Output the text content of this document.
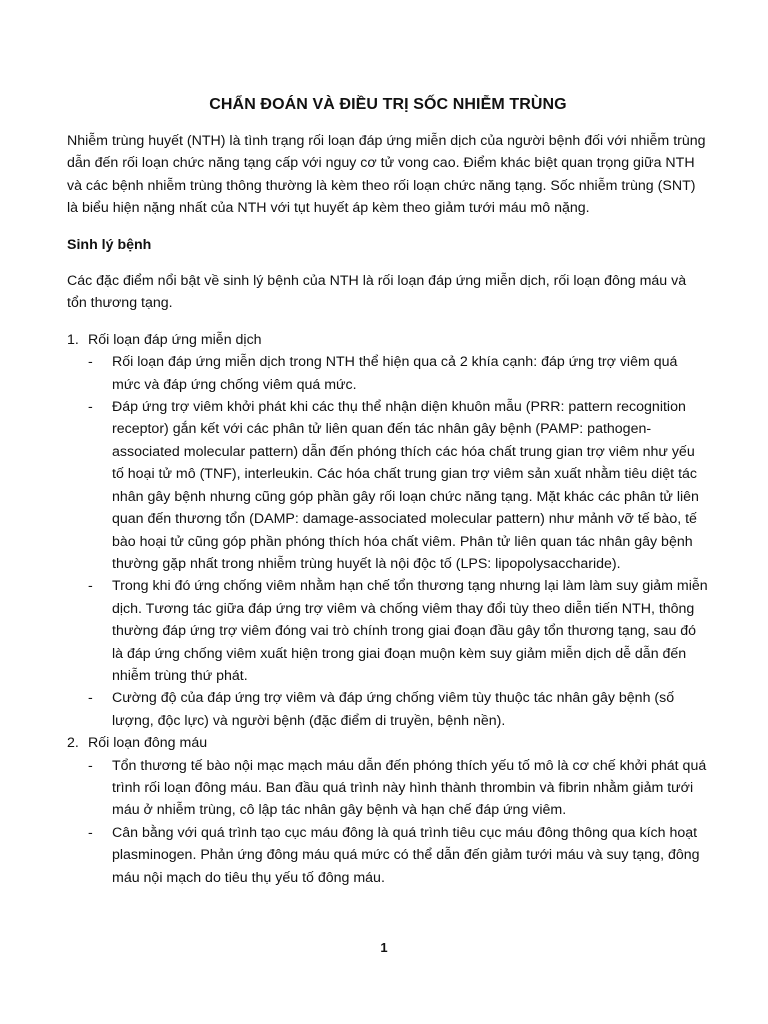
CHẨN ĐOÁN VÀ ĐIỀU TRỊ SỐC NHIỄM TRÙNG
Nhiễm trùng huyết (NTH) là tình trạng rối loạn đáp ứng miễn dịch của người bệnh đối với nhiễm trùng dẫn đến rối loạn chức năng tạng cấp với nguy cơ tử vong cao. Điểm khác biệt quan trọng giữa NTH và các bệnh nhiễm trùng thông thường là kèm theo rối loạn chức năng tạng. Sốc nhiễm trùng (SNT) là biểu hiện nặng nhất của NTH với tụt huyết áp kèm theo giảm tưới máu mô nặng.
Sinh lý bệnh
Các đặc điểm nổi bật về sinh lý bệnh của NTH là rối loạn đáp ứng miễn dịch, rối loạn đông máu và tổn thương tạng.
1. Rối loạn đáp ứng miễn dịch
-	Rối loạn đáp ứng miễn dịch trong NTH thể hiện qua cả 2 khía cạnh: đáp ứng trợ viêm quá mức và đáp ứng chống viêm quá mức.
-	Đáp ứng trợ viêm khởi phát khi các thụ thể nhận diện khuôn mẫu (PRR: pattern recognition receptor) gắn kết với các phân tử liên quan đến tác nhân gây bệnh (PAMP: pathogen-associated molecular pattern) dẫn đến phóng thích các hóa chất trung gian trợ viêm như yếu tố hoại tử mô (TNF), interleukin. Các hóa chất trung gian trợ viêm sản xuất nhằm tiêu diệt tác nhân gây bệnh nhưng cũng góp phần gây rối loạn chức năng tạng. Mặt khác các phân tử liên quan đến thương tổn (DAMP: damage-associated molecular pattern) như mảnh vỡ tế bào, tế bào hoại tử cũng góp phần phóng thích hóa chất viêm. Phân tử liên quan tác nhân gây bệnh thường gặp nhất trong nhiễm trùng huyết là nội độc tố (LPS: lipopolysaccharide).
-	Trong khi đó ứng chống viêm nhằm hạn chế tổn thương tạng nhưng lại làm làm suy giảm miễn dịch. Tương tác giữa đáp ứng trợ viêm và chống viêm thay đổi tùy theo diễn tiến NTH, thông thường đáp ứng trợ viêm đóng vai trò chính trong giai đoạn đầu gây tổn thương tạng, sau đó là đáp ứng chống viêm xuất hiện trong giai đoạn muộn kèm suy giảm miễn dịch dễ dẫn đến nhiễm trùng thứ phát.
-	Cường độ của đáp ứng trợ viêm và đáp ứng chống viêm tùy thuộc tác nhân gây bệnh (số lượng, độc lực) và người bệnh (đặc điểm di truyền, bệnh nền).
2. Rối loạn đông máu
-	Tổn thương tế bào nội mạc mạch máu dẫn đến phóng thích yếu tố mô là cơ chế khởi phát quá trình rối loạn đông máu. Ban đầu quá trình này hình thành thrombin và fibrin nhằm giảm tưới máu ở nhiễm trùng, cô lập tác nhân gây bệnh và hạn chế đáp ứng viêm.
-	Cân bằng với quá trình tạo cục máu đông là quá trình tiêu cục máu đông thông qua kích hoạt plasminogen. Phản ứng đông máu quá mức có thể dẫn đến giảm tưới máu và suy tạng, đông máu nội mạch do tiêu thụ yếu tố đông máu.
1
